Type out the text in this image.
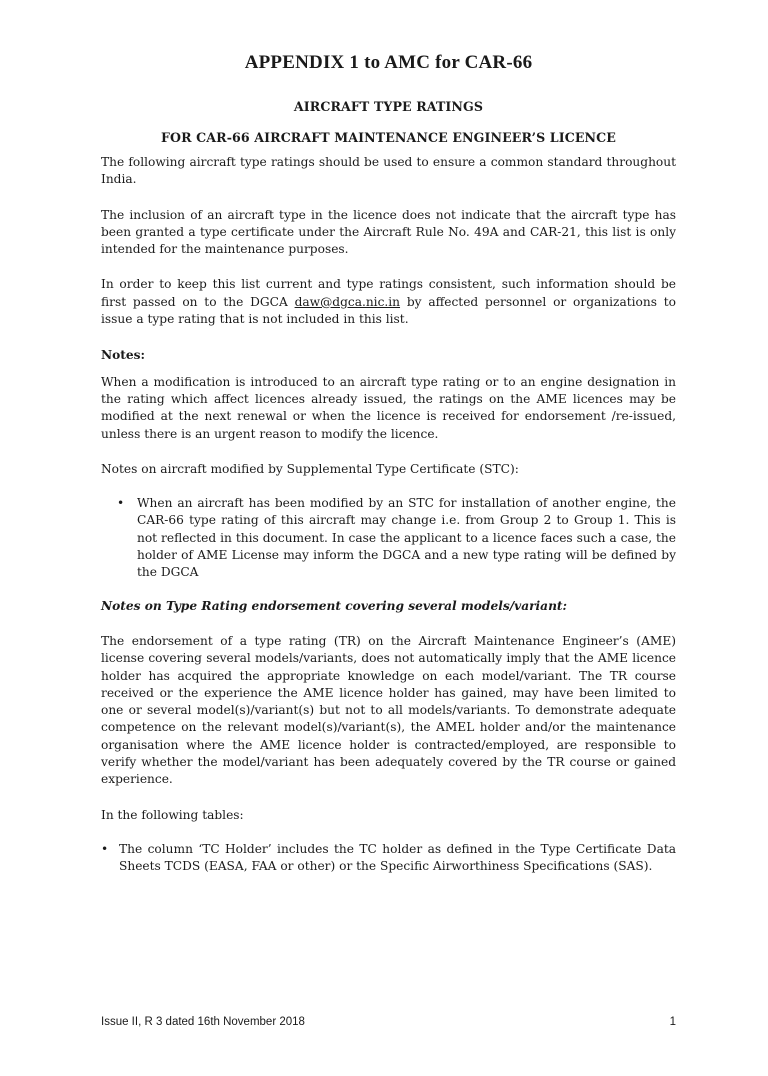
APPENDIX 1 to AMC for CAR-66
AIRCRAFT TYPE RATINGS
FOR CAR-66 AIRCRAFT MAINTENANCE ENGINEER’S LICENCE

The following aircraft type ratings should be used to ensure a common standard throughout India.

The inclusion of an aircraft type in the licence does not indicate that the aircraft type has been granted a type certificate under the Aircraft Rule No. 49A and CAR-21, this list is only intended for the maintenance purposes.

In order to keep this list current and type ratings consistent, such information should be first passed on to the DGCA daw@dgca.nic.in by affected personnel or organizations to issue a type rating that is not included in this list.

Notes:

When a modification is introduced to an aircraft type rating or to an engine designation in the rating which affect licences already issued, the ratings on the AME licences may be modified at the next renewal or when the licence is received for endorsement /re-issued, unless there is an urgent reason to modify the licence.

Notes on aircraft modified by Supplemental Type Certificate (STC):

• When an aircraft has been modified by an STC for installation of another engine, the CAR-66 type rating of this aircraft may change i.e. from Group 2 to Group 1. This is not reflected in this document. In case the applicant to a licence faces such a case, the holder of AME License may inform the DGCA and a new type rating will be defined by the DGCA

Notes on Type Rating endorsement covering several models/variant:

The endorsement of a type rating (TR) on the Aircraft Maintenance Engineer’s (AME) license covering several models/variants, does not automatically imply that the AME licence holder has acquired the appropriate knowledge on each model/variant. The TR course received or the experience the AME licence holder has gained, may have been limited to one or several model(s)/variant(s) but not to all models/variants. To demonstrate adequate competence on the relevant model(s)/variant(s), the AMEL holder and/or the maintenance organisation where the AME licence holder is contracted/employed, are responsible to verify whether the model/variant has been adequately covered by the TR course or gained experience.

In the following tables:

• The column ‘TC Holder’ includes the TC holder as defined in the Type Certificate Data Sheets TCDS (EASA, FAA or other) or the Specific Airworthiness Specifications (SAS).
Issue II, R 3 dated 16th November 2018	1
